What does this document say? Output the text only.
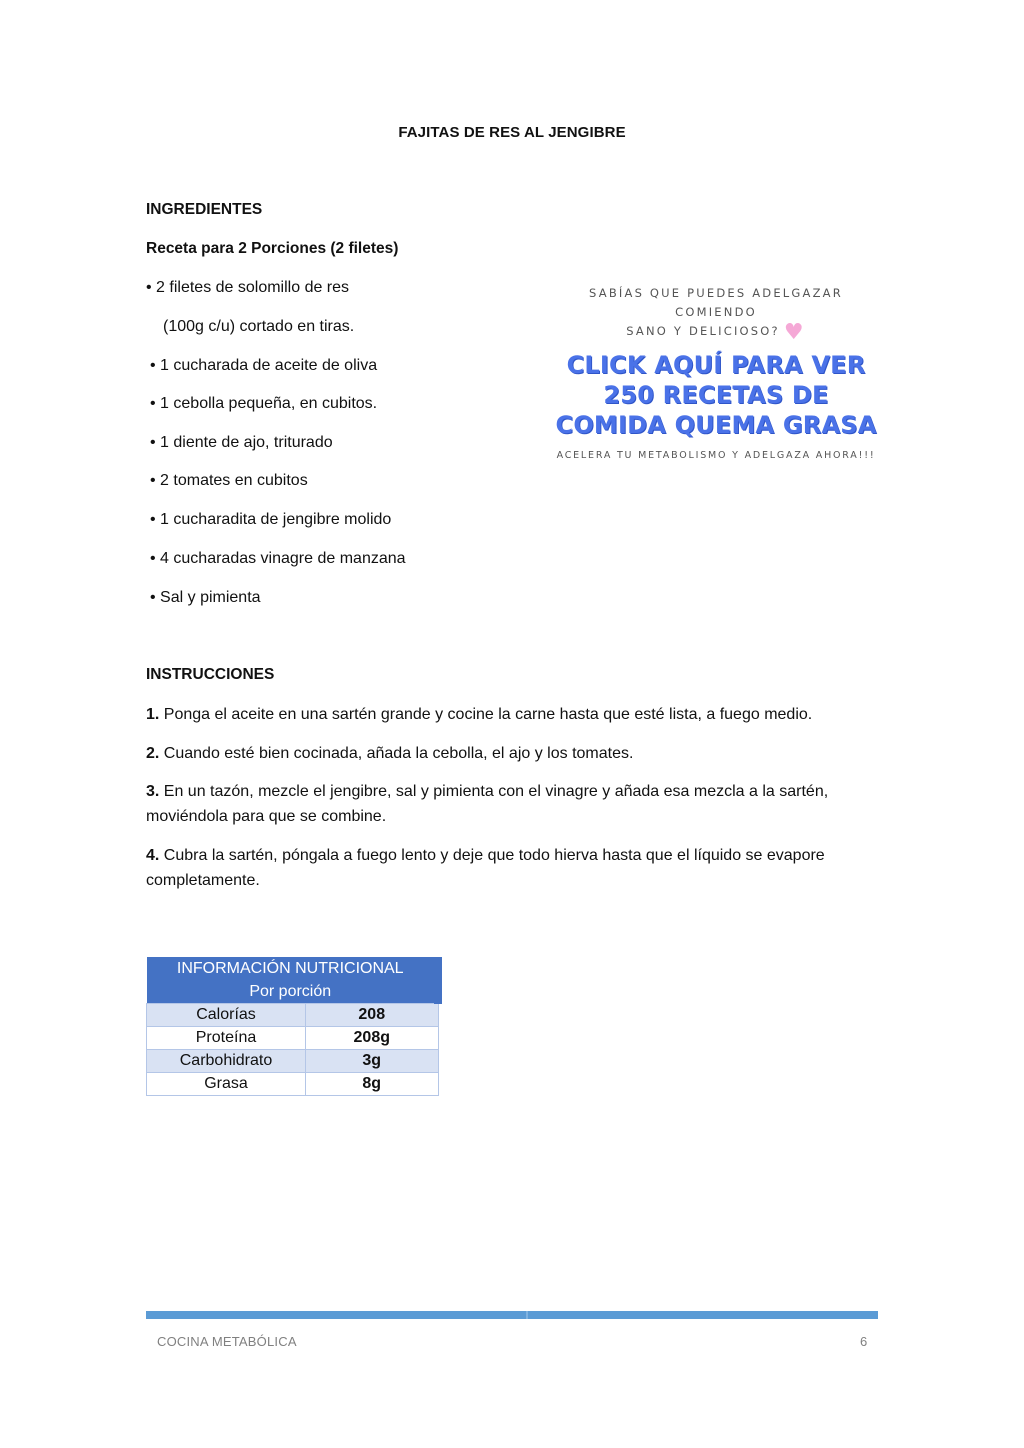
FAJITAS DE RES AL JENGIBRE
INGREDIENTES
Receta para 2 Porciones (2 filetes)
• 2 filetes de solomillo de res
(100g c/u) cortado en tiras.
• 1 cucharada de aceite de oliva
• 1 cebolla pequeña, en cubitos.
• 1 diente de ajo, triturado
• 2 tomates en cubitos
• 1 cucharadita de jengibre molido
• 4 cucharadas vinagre de manzana
• Sal y pimienta
SABÍAS QUE PUEDES ADELGAZAR COMIENDO
SANO Y DELICIOSO? ♥
CLICK AQUÍ PARA VER
250 RECETAS DE
COMIDA QUEMA GRASA
ACELERA TU METABOLISMO Y ADELGAZA AHORA!!!
INSTRUCCIONES
1. Ponga el aceite en una sartén grande y cocine la carne hasta que esté lista, a fuego medio.
2. Cuando esté bien cocinada, añada la cebolla, el ajo y los tomates.
3. En un tazón, mezcle el jengibre, sal y pimienta con el vinagre y añada esa mezcla a la sartén, moviéndola para que se combine.
4. Cubra la sartén, póngala a fuego lento y deje que todo hierva hasta que el líquido se evapore completamente.
INFORMACIÓN NUTRICIONAL
Por porción	

Calorías	208
Proteína	208g
Carbohidrato	3g
Grasa	8g
COCINA METABÓLICA	6
